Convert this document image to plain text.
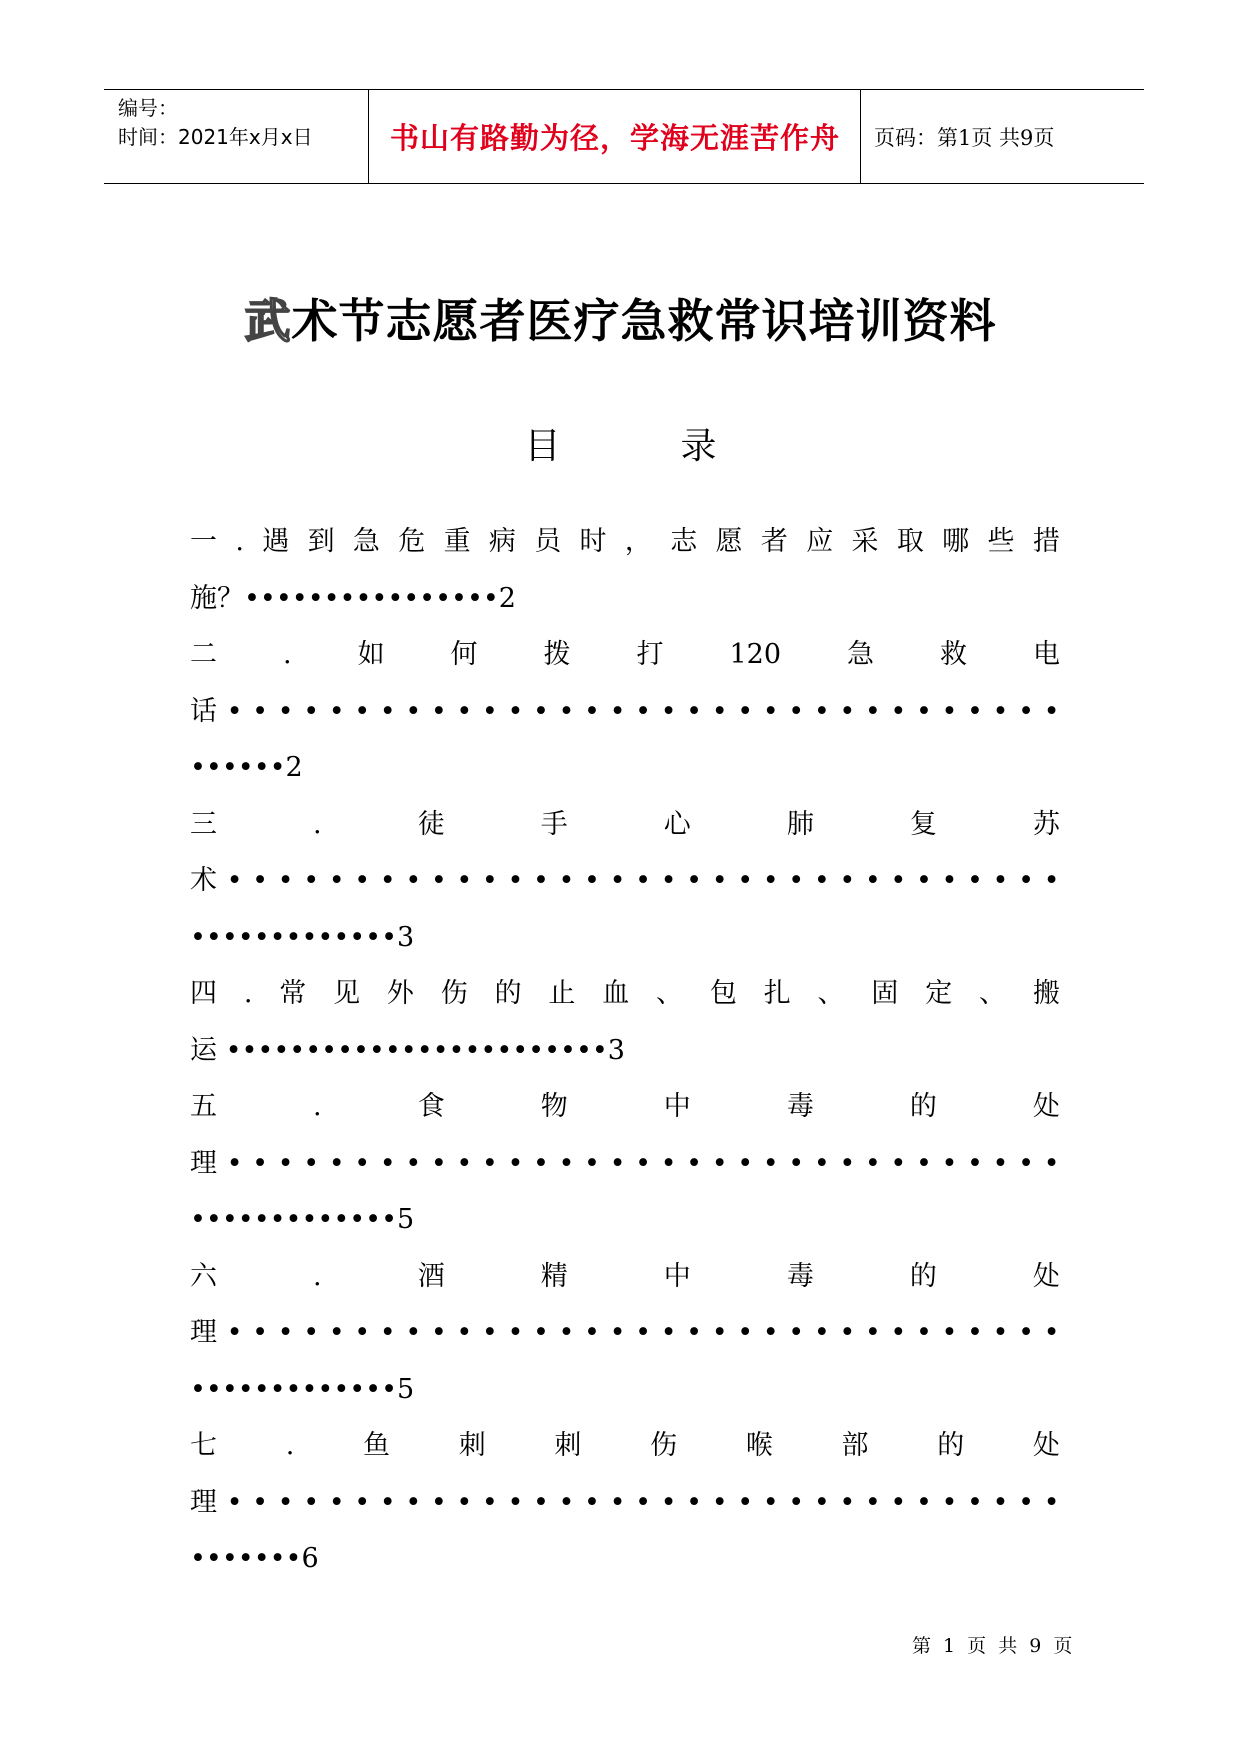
编号：
时间：2021年x月x日	书山有路勤为径，学海无涯苦作舟	页码：第1页 共9页
武术节志愿者医疗急救常识培训资料
目	录
一 . 遇 到 急 危 重 病 员 时 ， 志 愿 者 应 采 取 哪 些 措
施？••••••••••••••••2
二 . 如 何 拨 打 120 急 救 电
话 • • • • • • • • • • • • • • • • • • • • • • • • • • • • • • • • •
••••••2
三	.	徒	手	心	肺	复	苏
术 • • • • • • • • • • • • • • • • • • • • • • • • • • • • • • • • •
•••••••••••••3
四 . 常 见 外 伤 的 止 血 、 包 扎 、 固 定 、 搬
运 ••••••••••••••••••••••••3
五	.	食	物	中	毒	的	处
理 • • • • • • • • • • • • • • • • • • • • • • • • • • • • • • • • •
•••••••••••••5
六	.	酒	精	中	毒	的	处
理 • • • • • • • • • • • • • • • • • • • • • • • • • • • • • • • • •
•••••••••••••5
七	.	鱼	刺	刺	伤	喉	部	的	处
理 • • • • • • • • • • • • • • • • • • • • • • • • • • • • • • • • •
•••••••6
第 1 页 共 9 页
